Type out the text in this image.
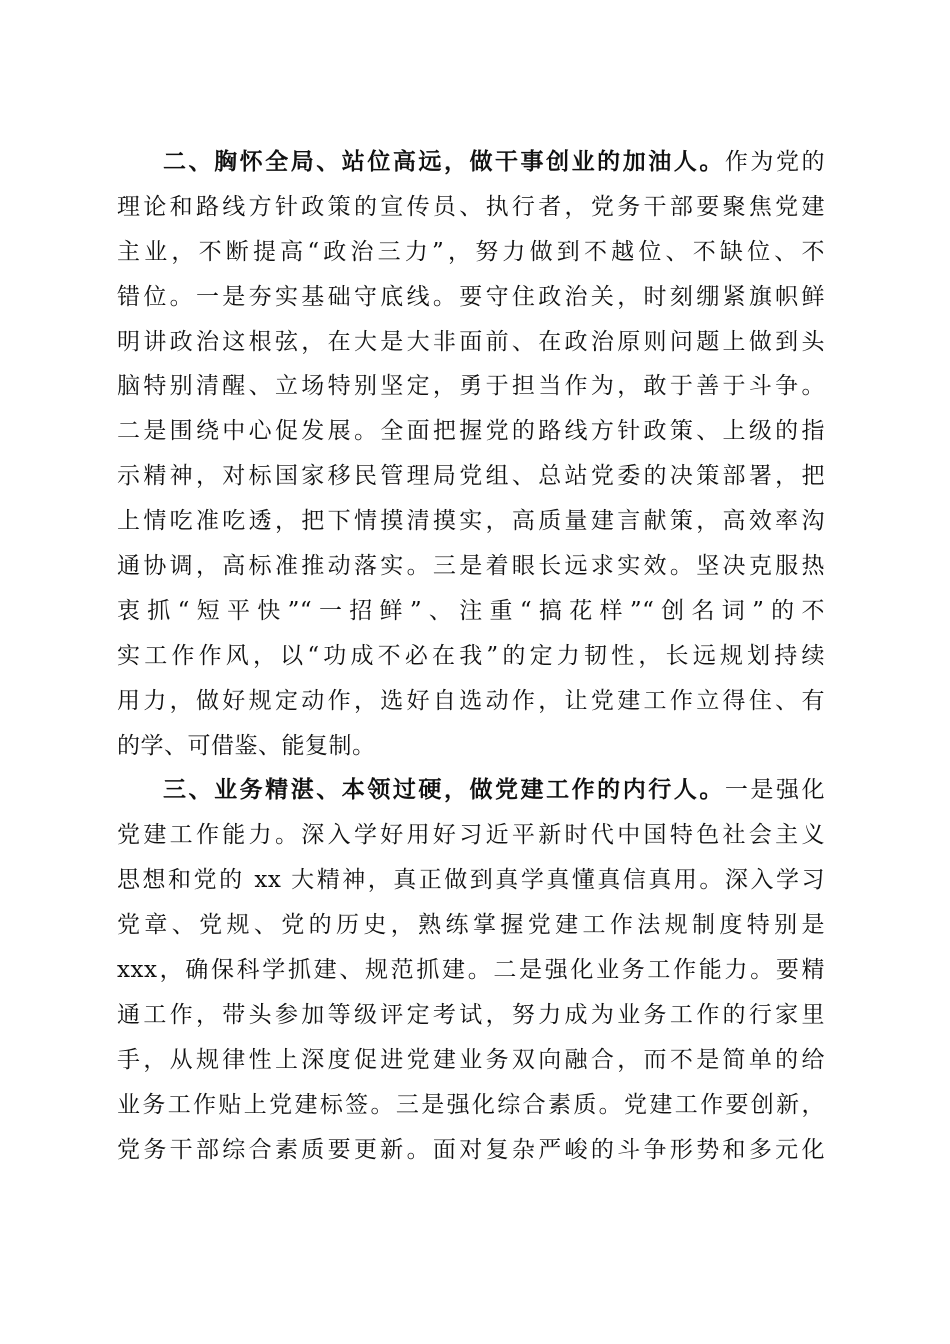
二、胸怀全局、站位高远，做干事创业的加油人。作为党的
理论和路线方针政策的宣传员、执行者，党务干部要聚焦党建
主业，不断提高“政治三力”，努力做到不越位、不缺位、不
错位。一是夯实基础守底线。要守住政治关，时刻绷紧旗帜鲜
明讲政治这根弦，在大是大非面前、在政治原则问题上做到头
脑特别清醒、立场特别坚定，勇于担当作为，敢于善于斗争。
二是围绕中心促发展。全面把握党的路线方针政策、上级的指
示精神，对标国家移民管理局党组、总站党委的决策部署，把
上情吃准吃透，把下情摸清摸实，高质量建言献策，高效率沟
通协调，高标准推动落实。三是着眼长远求实效。坚决克服热
衷抓“短平快”“一招鲜”、注重“搞花样”“创名词”的不
实工作作风，以“功成不必在我”的定力韧性，长远规划持续
用力，做好规定动作，选好自选动作，让党建工作立得住、有
的学、可借鉴、能复制。
三、业务精湛、本领过硬，做党建工作的内行人。一是强化
党建工作能力。深入学好用好习近平新时代中国特色社会主义
思想和党的 xx 大精神，真正做到真学真懂真信真用。深入学习
党章、党规、党的历史，熟练掌握党建工作法规制度特别是
xxx，确保科学抓建、规范抓建。二是强化业务工作能力。要精
通工作，带头参加等级评定考试，努力成为业务工作的行家里
手，从规律性上深度促进党建业务双向融合，而不是简单的给
业务工作贴上党建标签。三是强化综合素质。党建工作要创新，
党务干部综合素质要更新。面对复杂严峻的斗争形势和多元化
